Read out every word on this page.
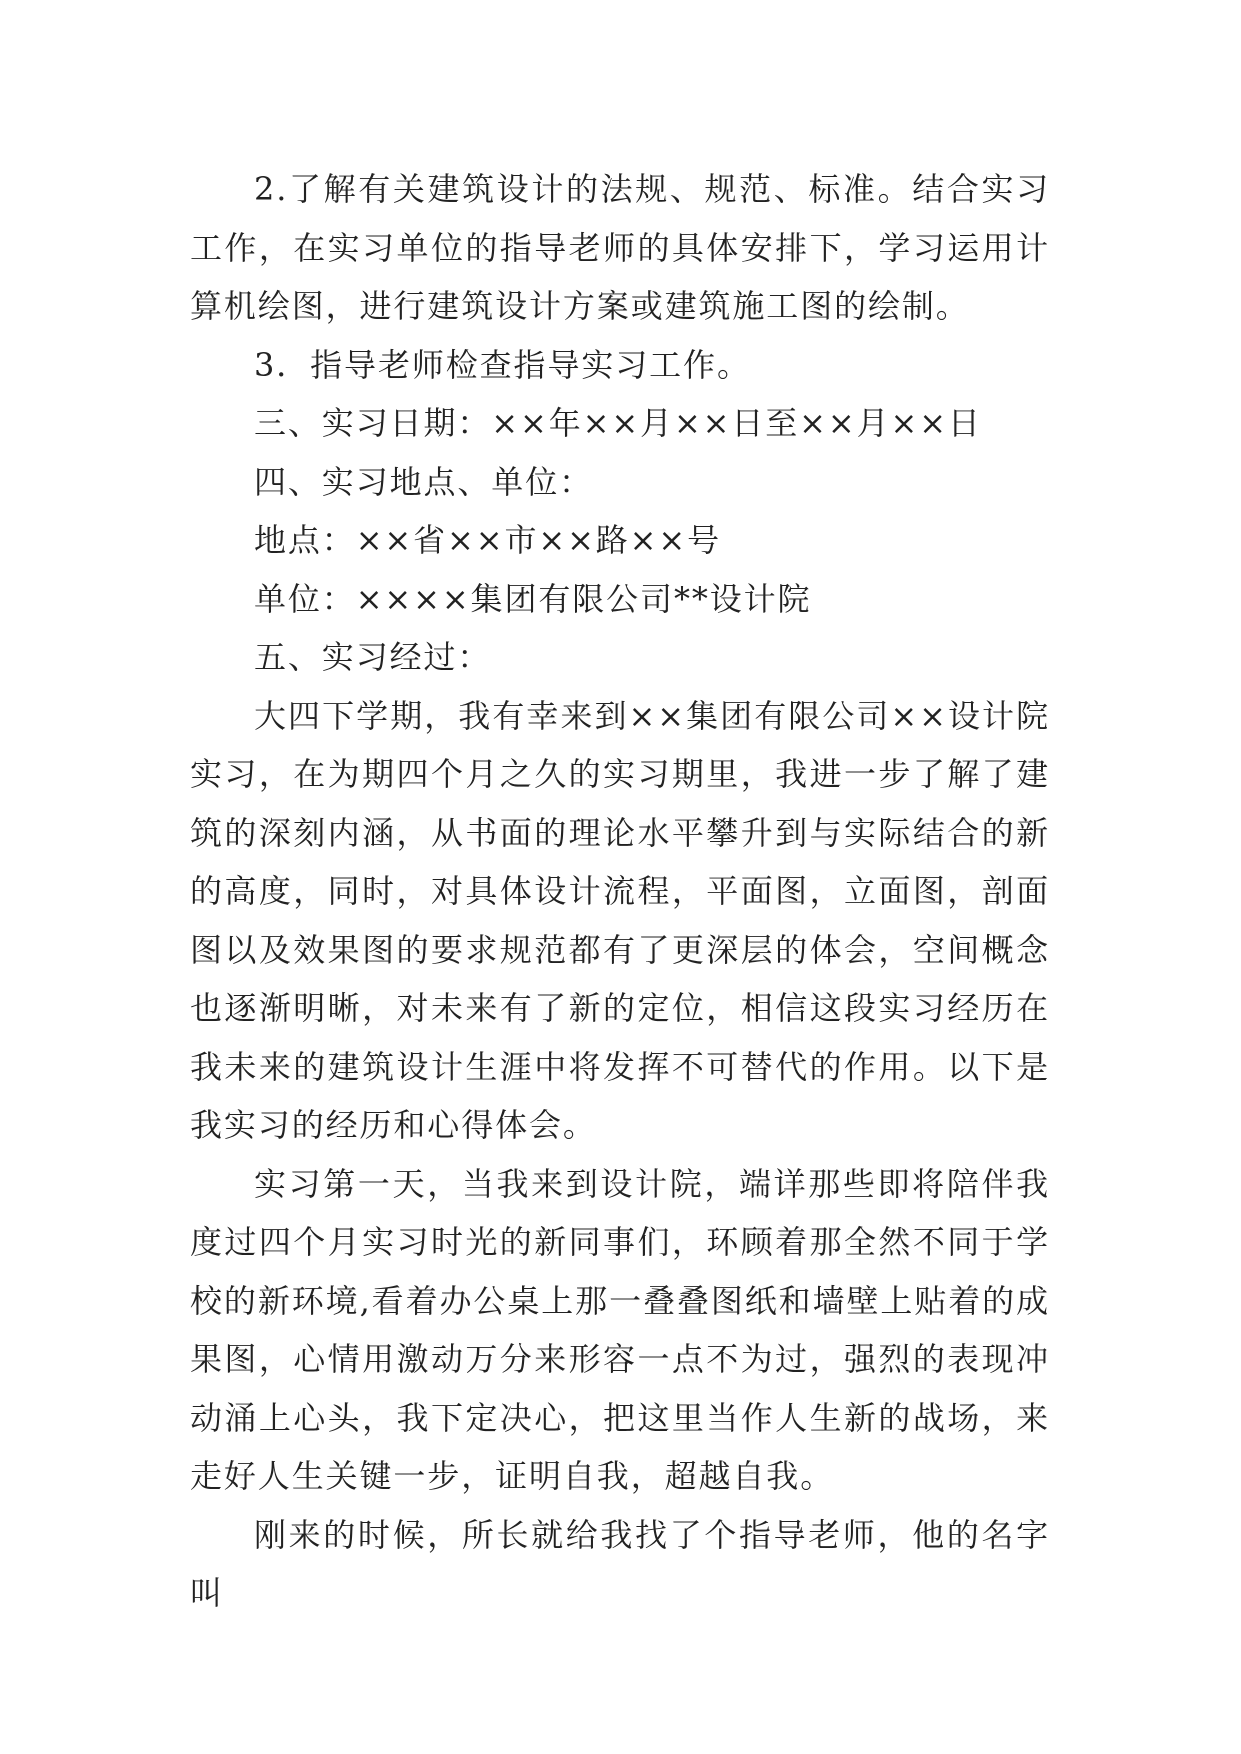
2.了解有关建筑设计的法规、规范、标准。结合实习工作，在实习单位的指导老师的具体安排下，学习运用计算机绘图，进行建筑设计方案或建筑施工图的绘制。

3．指导老师检查指导实习工作。

三、实习日期：××年××月××日至××月××日

四、实习地点、单位：

地点：××省××市××路××号

单位：××××集团有限公司**设计院

五、实习经过：

大四下学期，我有幸来到××集团有限公司××设计院实习，在为期四个月之久的实习期里，我进一步了解了建筑的深刻内涵，从书面的理论水平攀升到与实际结合的新的高度，同时，对具体设计流程，平面图，立面图，剖面图以及效果图的要求规范都有了更深层的体会，空间概念也逐渐明晰，对未来有了新的定位，相信这段实习经历在我未来的建筑设计生涯中将发挥不可替代的作用。以下是我实习的经历和心得体会。

实习第一天，当我来到设计院，端详那些即将陪伴我度过四个月实习时光的新同事们，环顾着那全然不同于学校的新环境,看着办公桌上那一叠叠图纸和墙壁上贴着的成果图，心情用激动万分来形容一点不为过，强烈的表现冲动涌上心头，我下定决心，把这里当作人生新的战场，来走好人生关键一步，证明自我，超越自我。

刚来的时候，所长就给我找了个指导老师，他的名字叫
